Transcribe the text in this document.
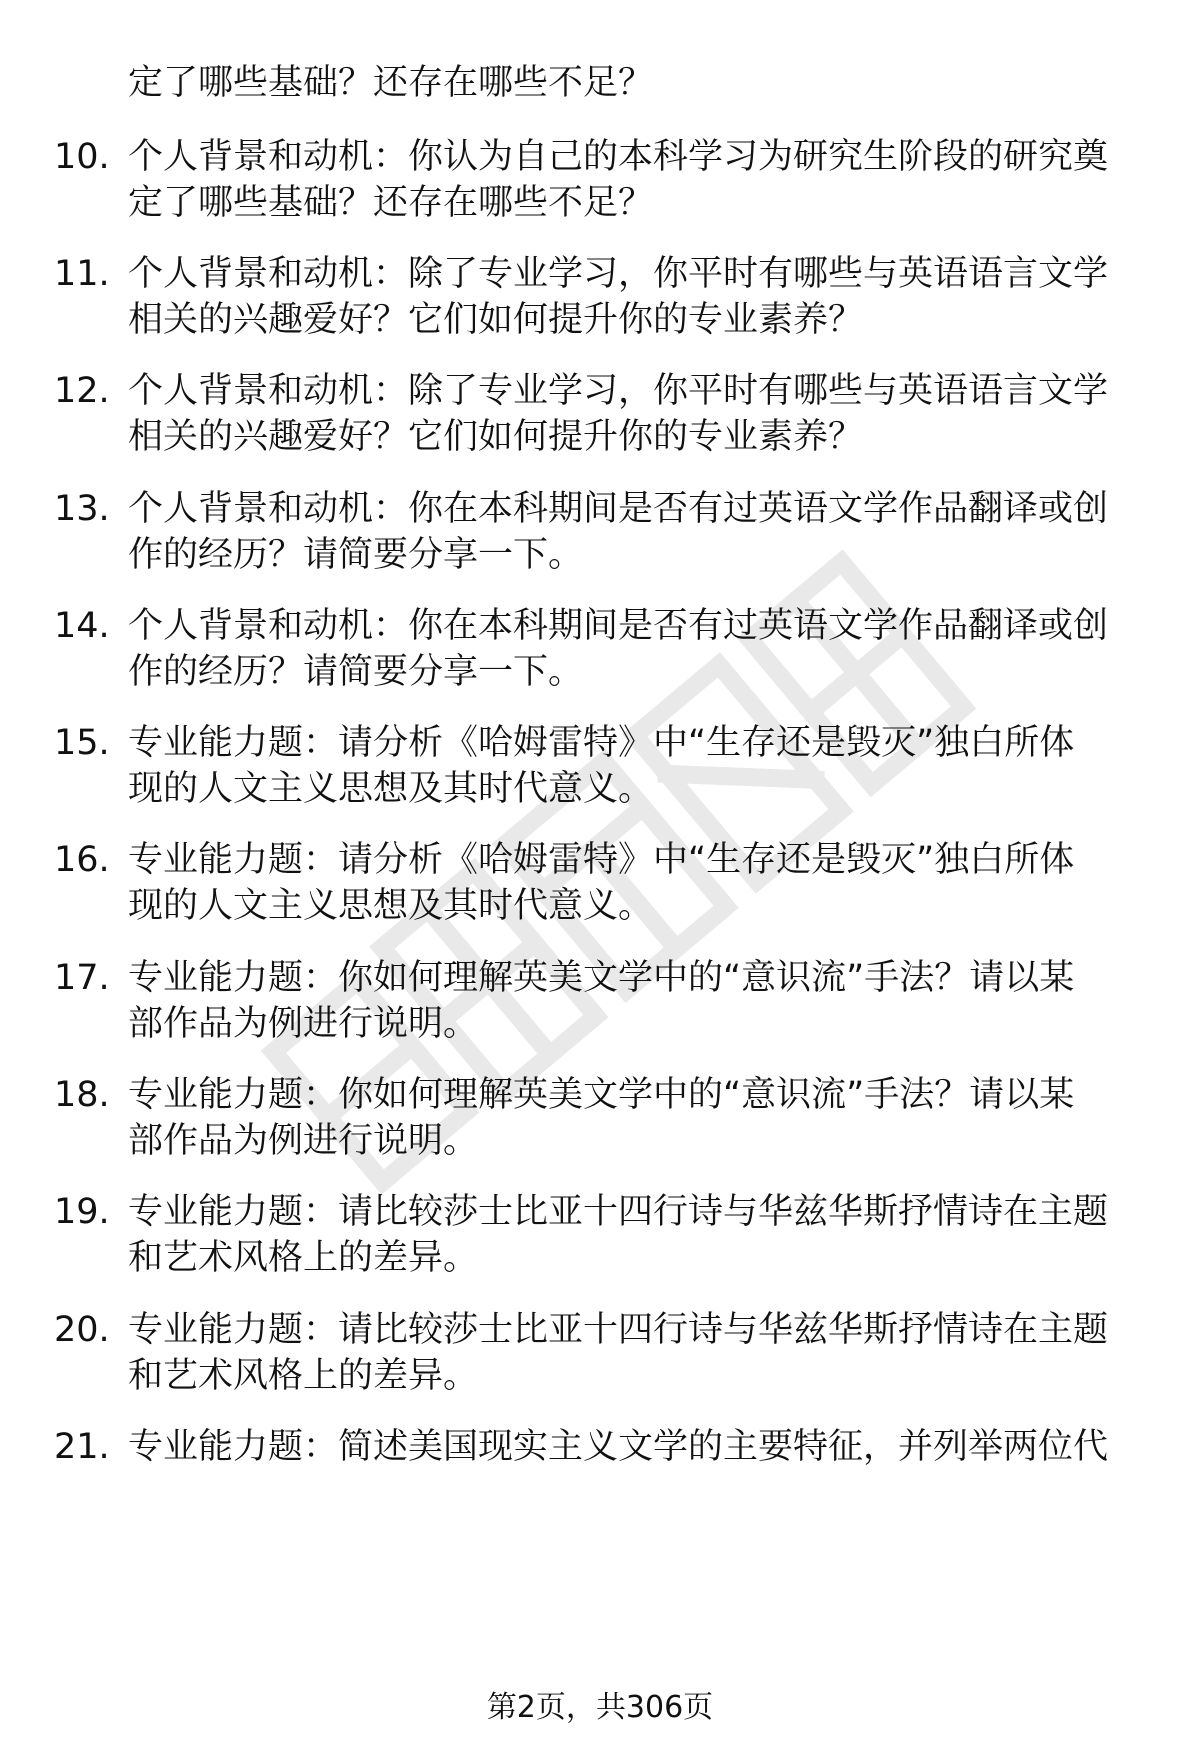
定了哪些基础？还存在哪些不足？
10. 个人背景和动机：你认为自己的本科学习为研究生阶段的研究奠
定了哪些基础？还存在哪些不足？
11. 个人背景和动机：除了专业学习，你平时有哪些与英语语言文学
相关的兴趣爱好？它们如何提升你的专业素养？
12. 个人背景和动机：除了专业学习，你平时有哪些与英语语言文学
相关的兴趣爱好？它们如何提升你的专业素养？
13. 个人背景和动机：你在本科期间是否有过英语文学作品翻译或创
作的经历？请简要分享一下。
14. 个人背景和动机：你在本科期间是否有过英语文学作品翻译或创
作的经历？请简要分享一下。
15. 专业能力题：请分析《哈姆雷特》中“生存还是毁灭”独白所体
现的人文主义思想及其时代意义。
16. 专业能力题：请分析《哈姆雷特》中“生存还是毁灭”独白所体
现的人文主义思想及其时代意义。
17. 专业能力题：你如何理解英美文学中的“意识流”手法？请以某
部作品为例进行说明。
18. 专业能力题：你如何理解英美文学中的“意识流”手法？请以某
部作品为例进行说明。
19. 专业能力题：请比较莎士比亚十四行诗与华兹华斯抒情诗在主题
和艺术风格上的差异。
20. 专业能力题：请比较莎士比亚十四行诗与华兹华斯抒情诗在主题
和艺术风格上的差异。
21. 专业能力题：简述美国现实主义文学的主要特征，并列举两位代
第2页，共306页
